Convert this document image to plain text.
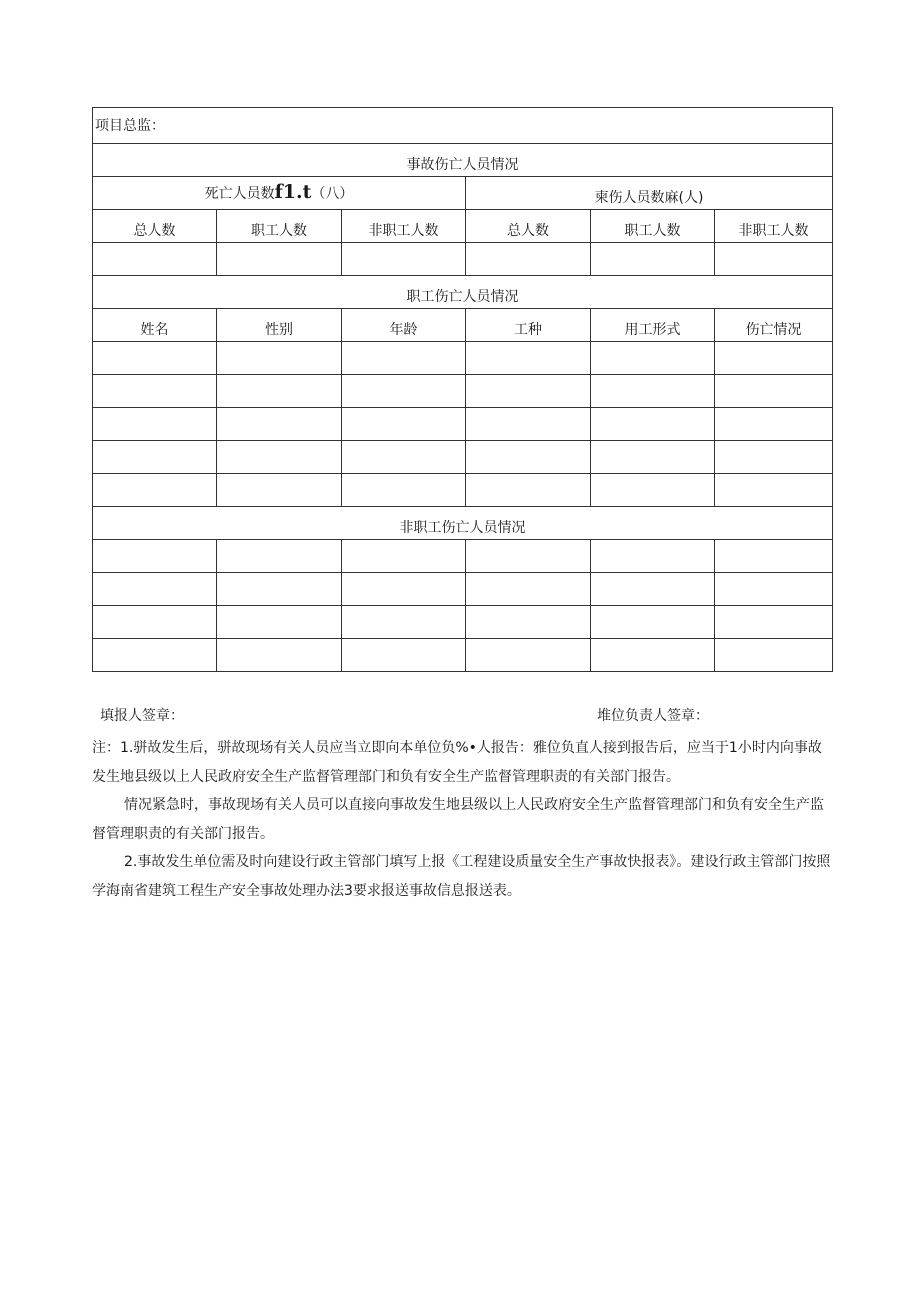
项目总监：					
事故伤亡人员情况					
死亡人员数f1.t（八）			柬伤人员数麻(人)		
总人数	职工人数	非职工人数	总人数	职工人数	非职工人数

职工伤亡人员情况					
姓名	性别	年龄	工种	用工形式	伤亡情况

非职工伤亡人员情况					

填报人签章：	堆位负责人签章：

注：1.骈故发生后，骈故现场有关人员应当立即向本单位负%•人报告：雅位负直人接到报告后，应当于1小时内向事故发生地县级以上人民政府安全生产监督管理部门和负有安全生产监督管理职责的有关部门报告。

情况紧急时，事故现场有关人员可以直接向事故发生地县级以上人民政府安全生产监督管理部门和负有安全生产监督管理职责的有关部门报告。

2.事故发生单位需及时向建设行政主管部门填写上报《工程建设质量安全生产事故快报表》。建设行政主管部门按照学海南省建筑工程生产安全事故处理办法3要求报送事故信息报送表。
